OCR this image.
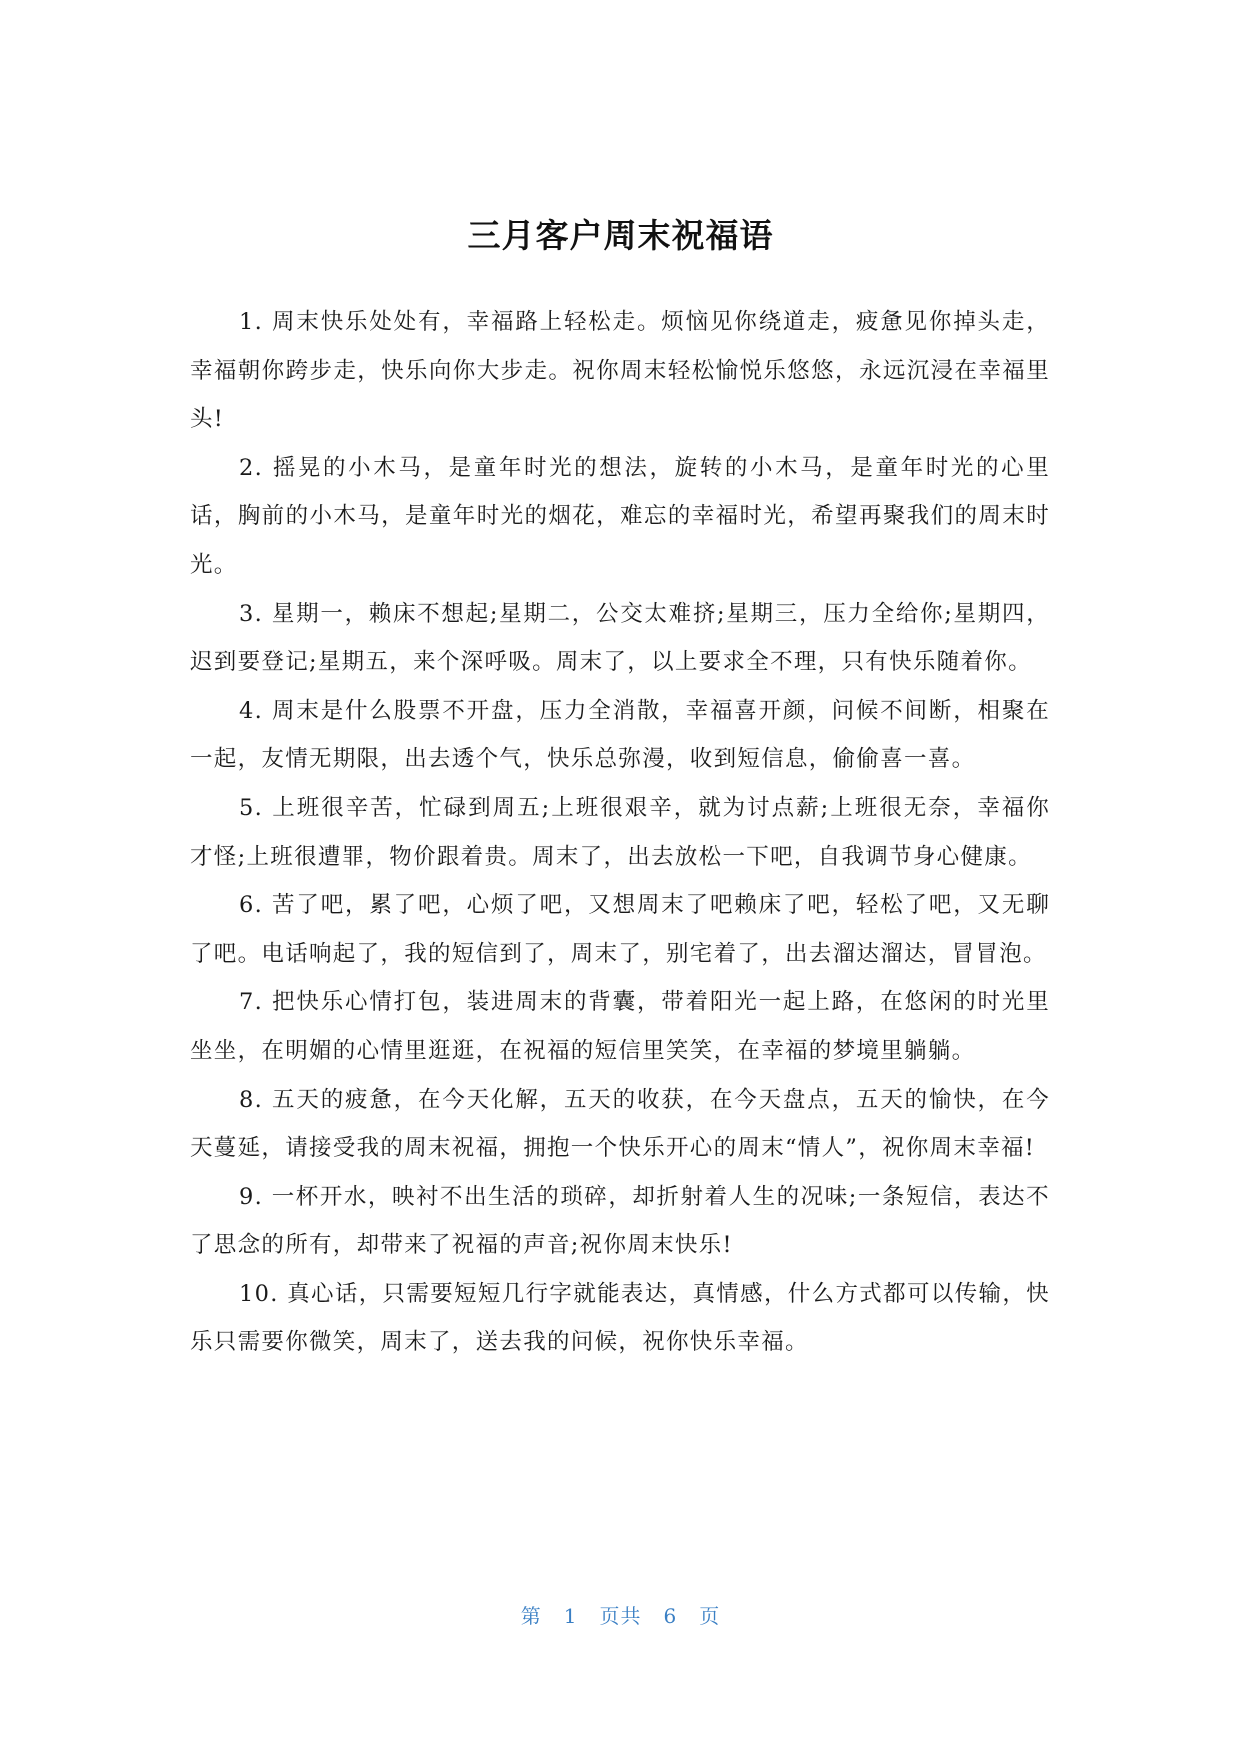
三月客户周末祝福语

1. 周末快乐处处有，幸福路上轻松走。烦恼见你绕道走，疲惫见你掉头走，幸福朝你跨步走，快乐向你大步走。祝你周末轻松愉悦乐悠悠，永远沉浸在幸福里头!

2. 摇晃的小木马，是童年时光的想法，旋转的小木马，是童年时光的心里话，胸前的小木马，是童年时光的烟花，难忘的幸福时光，希望再聚我们的周末时光。

3. 星期一，赖床不想起;星期二，公交太难挤;星期三，压力全给你;星期四，迟到要登记;星期五，来个深呼吸。周末了，以上要求全不理，只有快乐随着你。

4. 周末是什么股票不开盘，压力全消散，幸福喜开颜，问候不间断，相聚在一起，友情无期限，出去透个气，快乐总弥漫，收到短信息，偷偷喜一喜。

5. 上班很辛苦，忙碌到周五;上班很艰辛，就为讨点薪;上班很无奈，幸福你才怪;上班很遭罪，物价跟着贵。周末了，出去放松一下吧，自我调节身心健康。

6. 苦了吧，累了吧，心烦了吧，又想周末了吧赖床了吧，轻松了吧，又无聊了吧。电话响起了，我的短信到了，周末了，别宅着了，出去溜达溜达，冒冒泡。

7. 把快乐心情打包，装进周末的背囊，带着阳光一起上路，在悠闲的时光里坐坐，在明媚的心情里逛逛，在祝福的短信里笑笑，在幸福的梦境里躺躺。

8. 五天的疲惫，在今天化解，五天的收获，在今天盘点，五天的愉快，在今天蔓延，请接受我的周末祝福，拥抱一个快乐开心的周末“情人”，祝你周末幸福!

9. 一杯开水，映衬不出生活的琐碎，却折射着人生的况味;一条短信，表达不了思念的所有，却带来了祝福的声音;祝你周末快乐!

10. 真心话，只需要短短几行字就能表达，真情感，什么方式都可以传输，快乐只需要你微笑，周末了，送去我的问候，祝你快乐幸福。

第 1 页共 6 页
